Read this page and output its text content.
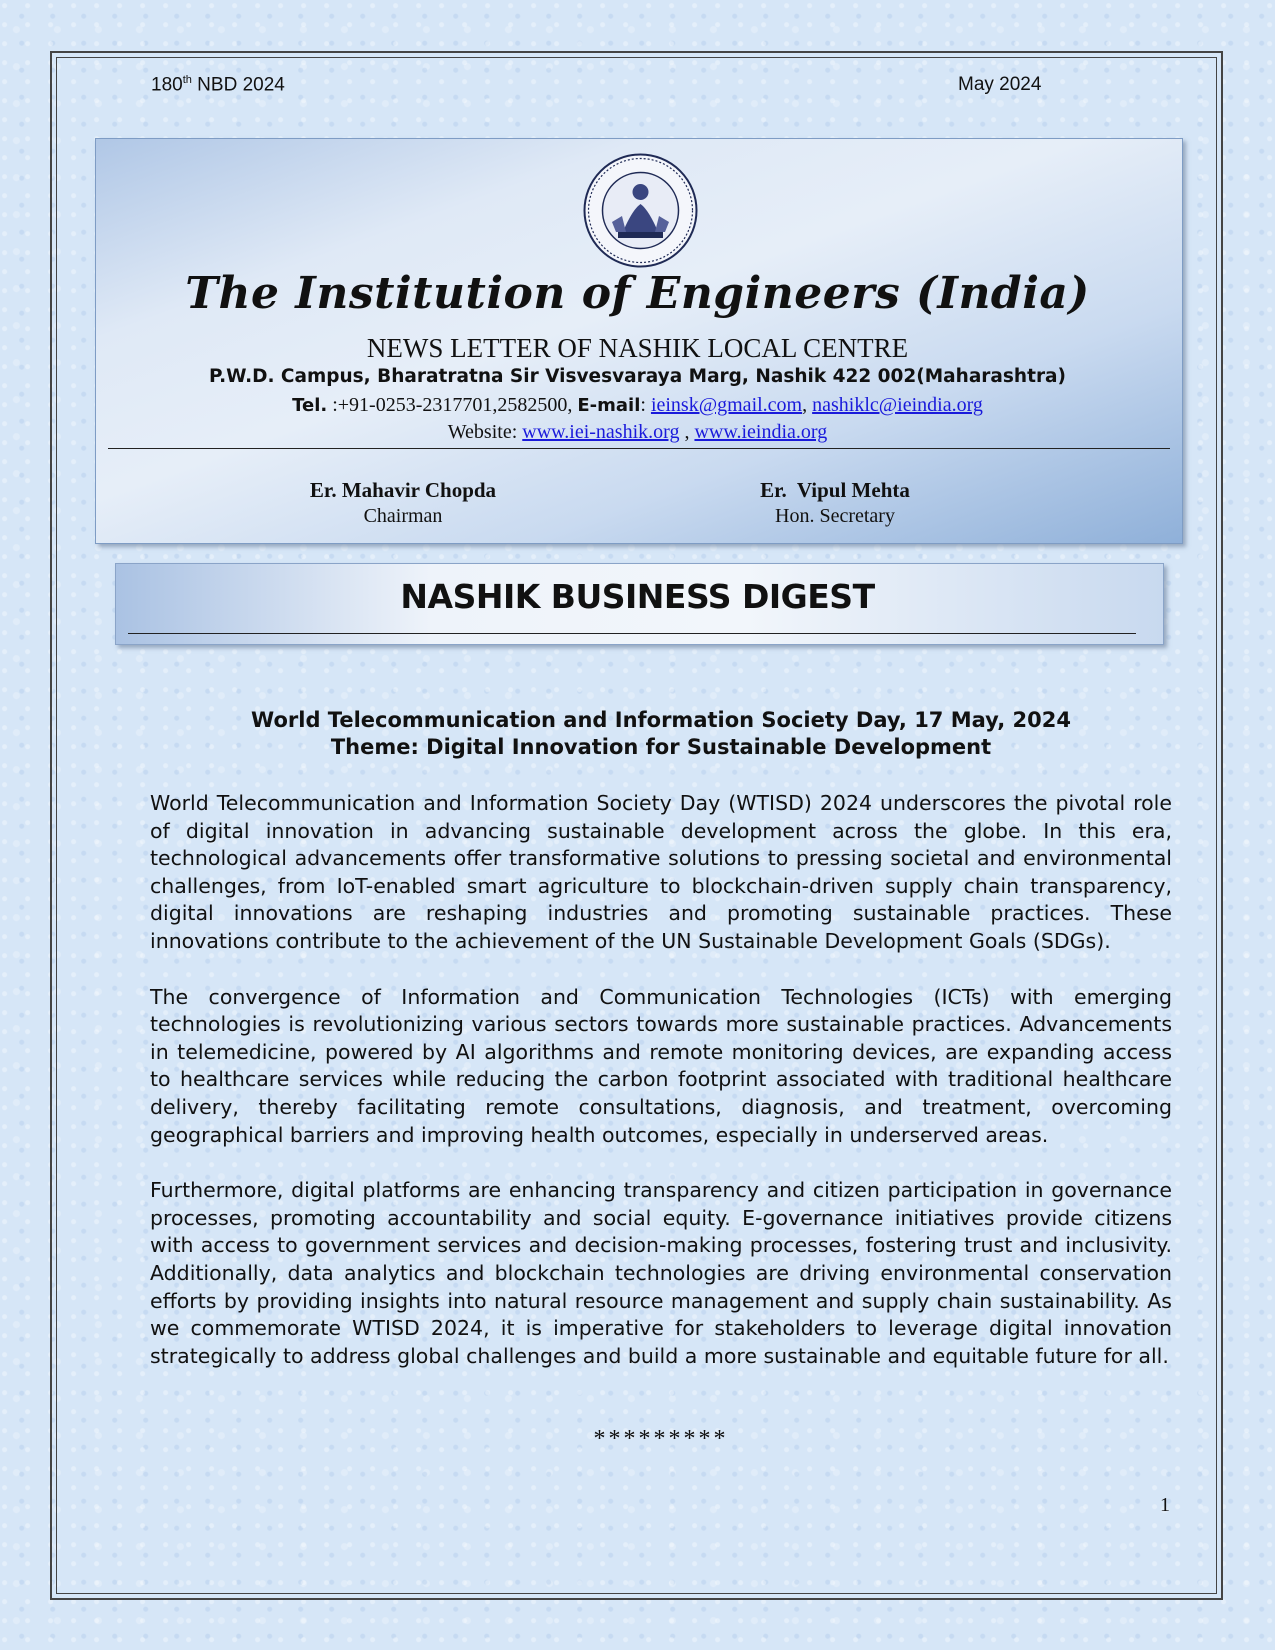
180th NBD 2024	May 2024
The Institution of Engineers (India)
NEWS LETTER OF NASHIK LOCAL CENTRE
P.W.D. Campus, Bharatratna Sir Visvesvaraya Marg, Nashik 422 002(Maharashtra)
Tel. :+91-0253-2317701,2582500, E-mail: ieinsk@gmail.com, nashiklc@ieindia.org
Website: www.iei-nashik.org , www.ieindia.org
Er. Mahavir Chopda
Chairman
Er.  Vipul Mehta
Hon. Secretary
NASHIK BUSINESS DIGEST
World Telecommunication and Information Society Day, 17 May, 2024
Theme: Digital Innovation for Sustainable Development

World Telecommunication and Information Society Day (WTISD) 2024 underscores the pivotal role of digital innovation in advancing sustainable development across the globe. In this era, technological advancements offer transformative solutions to pressing societal and environmental challenges, from IoT-enabled smart agriculture to blockchain-driven supply chain transparency, digital innovations are reshaping industries and promoting sustainable practices. These innovations contribute to the achievement of the UN Sustainable Development Goals (SDGs).

The convergence of Information and Communication Technologies (ICTs) with emerging technologies is revolutionizing various sectors towards more sustainable practices. Advancements in telemedicine, powered by AI algorithms and remote monitoring devices, are expanding access to healthcare services while reducing the carbon footprint associated with traditional healthcare delivery, thereby facilitating remote consultations, diagnosis, and treatment, overcoming geographical barriers and improving health outcomes, especially in underserved areas.

Furthermore, digital platforms are enhancing transparency and citizen participation in governance processes, promoting accountability and social equity. E-governance initiatives provide citizens with access to government services and decision-making processes, fostering trust and inclusivity. Additionally, data analytics and blockchain technologies are driving environmental conservation efforts by providing insights into natural resource management and supply chain sustainability. As we commemorate WTISD 2024, it is imperative for stakeholders to leverage digital innovation strategically to address global challenges and build a more sustainable and equitable future for all.

*********
1
